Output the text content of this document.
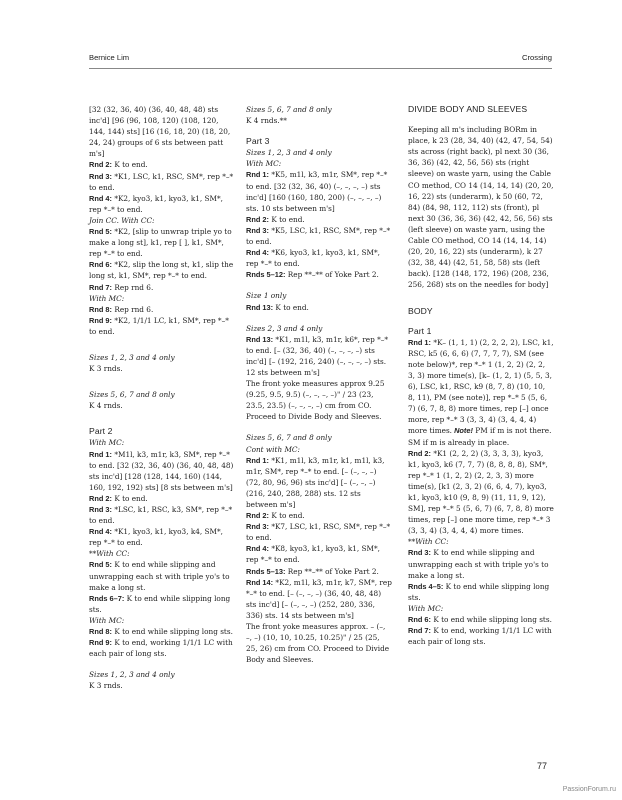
Bernice Lim	Crossing

[32 (32, 36, 40) (36, 40, 48, 48) sts inc'd] [96 (96, 108, 120) (108, 120, 144, 144) sts] [16 (16, 18, 20) (18, 20, 24, 24) groups of 6 sts between patt m's]

Rnd 2: K to end.

Rnd 3: *K1, LSC, k1, RSC, SM*, rep *–* to end.

Rnd 4: *K2, kyo3, k1, kyo3, k1, SM*, rep *–* to end.

Join CC. With CC:

Rnd 5: *K2, [slip to unwrap triple yo to make a long st], k1, rep [ ], k1, SM*, rep *–* to end.

Rnd 6: *K2, slip the long st, k1, slip the long st, k1, SM*, rep *–* to end.

Rnd 7: Rep rnd 6.

With MC:

Rnd 8: Rep rnd 6.

Rnd 9: *K2, 1/1/1 LC, k1, SM*, rep *–* to end.

Sizes 1, 2, 3 and 4 only

K 3 rnds.

Sizes 5, 6, 7 and 8 only

K 4 rnds.

Part 2

With MC:

Rnd 1: *M1l, k3, m1r, k3, SM*, rep *–* to end. [32 (32, 36, 40) (36, 40, 48, 48) sts inc'd] [128 (128, 144, 160) (144, 160, 192, 192) sts] [8 sts between m's]

Rnd 2: K to end.

Rnd 3: *LSC, k1, RSC, k3, SM*, rep *–* to end.

Rnd 4: *K1, kyo3, k1, kyo3, k4, SM*, rep *–* to end.

**With CC:

Rnd 5: K to end while slipping and unwrapping each st with triple yo's to make a long st.

Rnds 6–7: K to end while slipping long sts.

With MC:

Rnd 8: K to end while slipping long sts.

Rnd 9: K to end, working 1/1/1 LC with each pair of long sts.

Sizes 1, 2, 3 and 4 only

K 3 rnds.

Sizes 5, 6, 7 and 8 only

K 4 rnds.**

Part 3

Sizes 1, 2, 3 and 4 only

With MC:

Rnd 1: *K5, m1l, k3, m1r, SM*, rep *–* to end. [32 (32, 36, 40) (–, –, –, –) sts inc'd] [160 (160, 180, 200) (–, –, –, –) sts. 10 sts between m's]

Rnd 2: K to end.

Rnd 3: *K5, LSC, k1, RSC, SM*, rep *–* to end.

Rnd 4: *K6, kyo3, k1, kyo3, k1, SM*, rep *–* to end.

Rnds 5–12: Rep **–** of Yoke Part 2.

Size 1 only

Rnd 13: K to end.

Sizes 2, 3 and 4 only

Rnd 13: *K1, m1l, k3, m1r, k6*, rep *–* to end. [– (32, 36, 40) (–, –, –, –) sts inc'd] [– (192, 216, 240) (–, –, –, –) sts. 12 sts between m's]

The front yoke measures approx 9.25 (9.25, 9.5, 9.5) (–, –, –, –)" / 23 (23, 23.5, 23.5) (–, –, –, –) cm from CO. Proceed to Divide Body and Sleeves.

Sizes 5, 6, 7 and 8 only

Cont with MC:

Rnd 1: *K1, m1l, k3, m1r, k1, m1l, k3, m1r, SM*, rep *–* to end. [– (–, –, –) (72, 80, 96, 96) sts inc'd] [– (–, –, –) (216, 240, 288, 288) sts. 12 sts between m's]

Rnd 2: K to end.

Rnd 3: *K7, LSC, k1, RSC, SM*, rep *–* to end.

Rnd 4: *K8, kyo3, k1, kyo3, k1, SM*, rep *–* to end.

Rnds 5–13: Rep **–** of Yoke Part 2.

Rnd 14: *K2, m1l, k3, m1r, k7, SM*, rep *–* to end. [– (–, –, –) (36, 40, 48, 48) sts inc'd] [– (–, –, –) (252, 280, 336, 336) sts. 14 sts between m's]

The front yoke measures approx. – (–, –, –) (10, 10, 10.25, 10.25)" / 25 (25, 25, 26) cm from CO. Proceed to Divide Body and Sleeves.

DIVIDE BODY AND SLEEVES

Keeping all m's including BORm in place, k 23 (28, 34, 40) (42, 47, 54, 54) sts across (right back), pl next 30 (36, 36, 36) (42, 42, 56, 56) sts (right sleeve) on waste yarn, using the Cable CO method, CO 14 (14, 14, 14) (20, 20, 16, 22) sts (underarm), k 50 (60, 72, 84) (84, 98, 112, 112) sts (front), pl next 30 (36, 36, 36) (42, 42, 56, 56) sts (left sleeve) on waste yarn, using the Cable CO method, CO 14 (14, 14, 14) (20, 20, 16, 22) sts (underarm), k 27 (32, 38, 44) (42, 51, 58, 58) sts (left back). [128 (148, 172, 196) (208, 236, 256, 268) sts on the needles for body]

BODY

Part 1

Rnd 1: *K– (1, 1, 1) (2, 2, 2, 2), LSC, k1, RSC, k5 (6, 6, 6) (7, 7, 7, 7), SM (see note below)*, rep *–* 1 (1, 2, 2) (2, 2, 3, 3) more time(s), [k– (1, 2, 1) (5, 5, 3, 6), LSC, k1, RSC, k9 (8, 7, 8) (10, 10, 8, 11), PM (see note)], rep *–* 5 (5, 6, 7) (6, 7, 8, 8) more times, rep [–] once more, rep *–* 3 (3, 3, 4) (3, 4, 4, 4) more times. Note! PM if m is not there. SM if m is already in place.

Rnd 2: *K1 (2, 2, 2) (3, 3, 3, 3), kyo3, k1, kyo3, k6 (7, 7, 7) (8, 8, 8, 8), SM*, rep *–* 1 (1, 2, 2) (2, 2, 3, 3) more time(s), [k1 (2, 3, 2) (6, 6, 4, 7), kyo3, k1, kyo3, k10 (9, 8, 9) (11, 11, 9, 12), SM], rep *–* 5 (5, 6, 7) (6, 7, 8, 8) more times, rep [–] one more time, rep *–* 3 (3, 3, 4) (3, 4, 4, 4) more times.

**With CC:

Rnd 3: K to end while slipping and unwrapping each st with triple yo's to make a long st.

Rnds 4–5: K to end while slipping long sts.

With MC:

Rnd 6: K to end while slipping long sts.

Rnd 7: K to end, working 1/1/1 LC with each pair of long sts.

77
PassionForum.ru
